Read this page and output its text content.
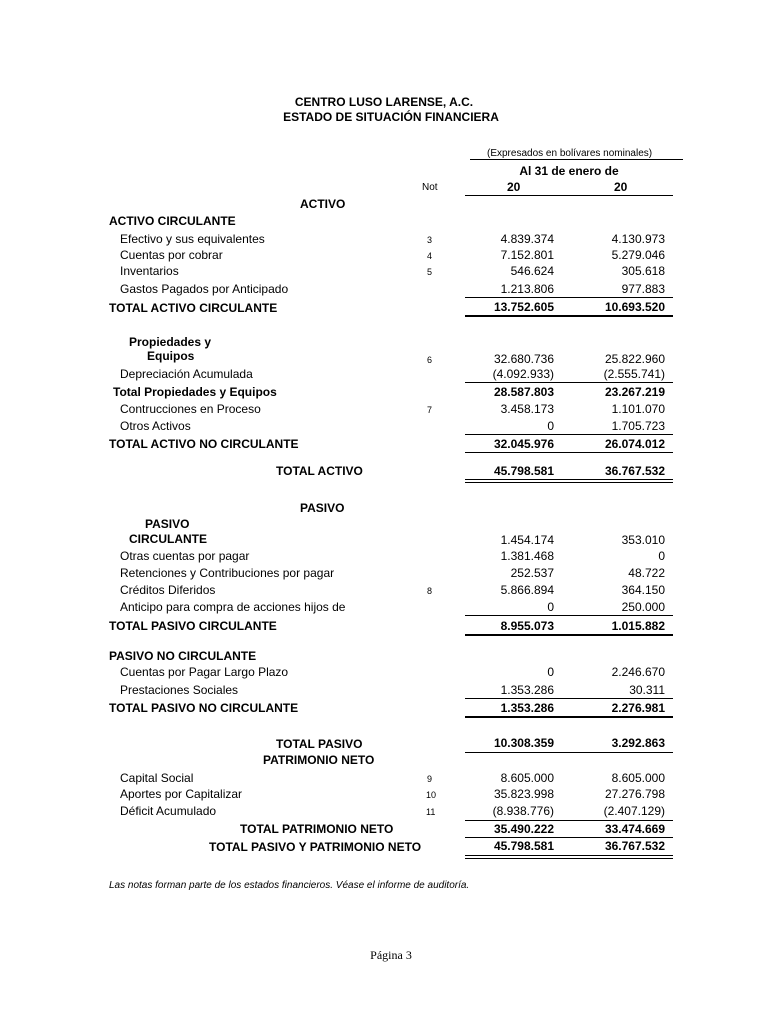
CENTRO LUSO LARENSE, A.C.
ESTADO DE SITUACIÓN FINANCIERA
(Expresados en bolívares nominales)
Al 31 de enero de
Not	20	20
ACTIVO
ACTIVO CIRCULANTE
Efectivo y sus equivalentes	3	4.839.374	4.130.973
Cuentas por cobrar	4	7.152.801	5.279.046
Inventarios	5	546.624	305.618
Gastos Pagados por Anticipado	1.213.806	977.883
TOTAL ACTIVO CIRCULANTE	13.752.605	10.693.520
Propiedades y
Equipos	6	32.680.736	25.822.960
Depreciación Acumulada	(4.092.933)	(2.555.741)
Total Propiedades y Equipos	28.587.803	23.267.219
Contrucciones en Proceso	7	3.458.173	1.101.070
Otros Activos	0	1.705.723
TOTAL ACTIVO NO CIRCULANTE	32.045.976	26.074.012
TOTAL ACTIVO	45.798.581	36.767.532
PASIVO
PASIVO
CIRCULANTE	1.454.174	353.010
Otras cuentas por pagar	1.381.468	0
Retenciones y Contribuciones por pagar	252.537	48.722
Créditos Diferidos	8	5.866.894	364.150
Anticipo para compra de acciones hijos de	0	250.000
TOTAL PASIVO CIRCULANTE	8.955.073	1.015.882
PASIVO NO CIRCULANTE
Cuentas por Pagar Largo Plazo	0	2.246.670
Prestaciones Sociales	1.353.286	30.311
TOTAL PASIVO NO CIRCULANTE	1.353.286	2.276.981
TOTAL PASIVO	10.308.359	3.292.863
PATRIMONIO NETO
Capital Social	9	8.605.000	8.605.000
Aportes por Capitalizar	10	35.823.998	27.276.798
Déficit Acumulado	11	(8.938.776)	(2.407.129)
TOTAL PATRIMONIO NETO	35.490.222	33.474.669
TOTAL PASIVO Y PATRIMONIO NETO	45.798.581	36.767.532
Las notas forman parte de los estados financieros. Véase el informe de auditoría.
Página 3
